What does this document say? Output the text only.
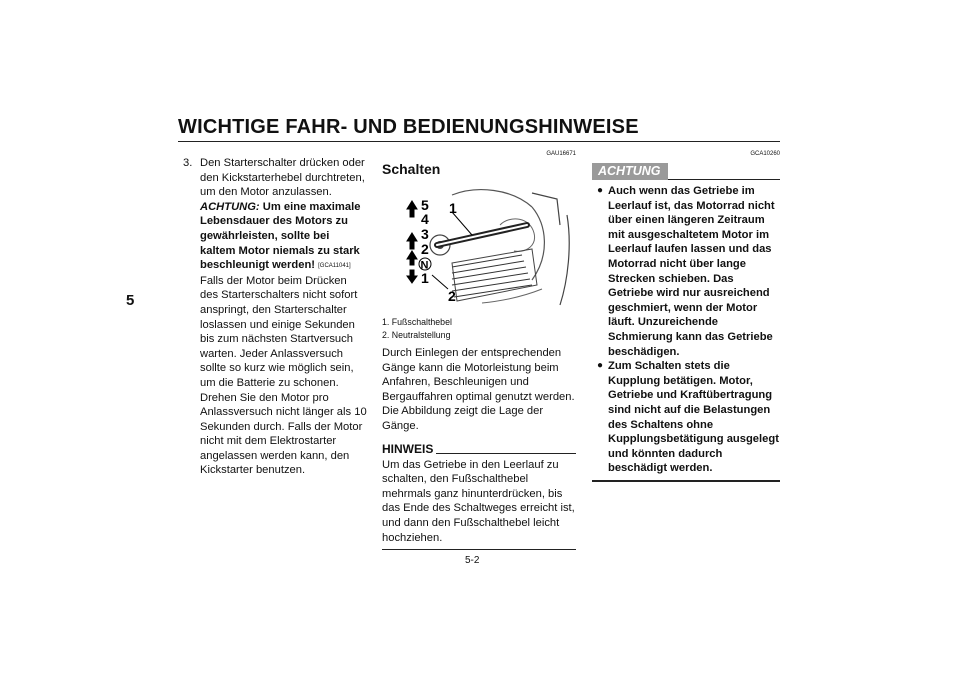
WICHTIGE FAHR- UND BEDIENUNGSHINWEISE
5
3. Den Starterschalter drücken oder den Kickstarterhebel durchtreten, um den Motor anzulassen. ACHTUNG: Um eine maximale Lebensdauer des Motors zu gewährleisten, sollte bei kaltem Motor niemals zu stark beschleunigt werden! [GCA11041]
Falls der Motor beim Drücken des Starterschalters nicht sofort anspringt, den Starterschalter loslassen und einige Sekunden bis zum nächsten Startversuch warten. Jeder Anlassversuch sollte so kurz wie möglich sein, um die Batterie zu schonen. Drehen Sie den Motor pro Anlassversuch nicht länger als 10 Sekunden durch. Falls der Motor nicht mit dem Elektrostarter angelassen werden kann, den Kickstarter benutzen.
GAU16671
Schalten
5
4
3
2
N
1
1
2
1. Fußschalthebel
2. Neutralstellung
Durch Einlegen der entsprechenden Gänge kann die Motorleistung beim Anfahren, Beschleunigen und Bergauffahren optimal genutzt werden.
Die Abbildung zeigt die Lage der Gänge.
HINWEIS
Um das Getriebe in den Leerlauf zu schalten, den Fußschalthebel mehrmals ganz hinunterdrücken, bis das Ende des Schaltweges erreicht ist, und dann den Fußschalthebel leicht hochziehen.
GCA10260
ACHTUNG
● Auch wenn das Getriebe im Leerlauf ist, das Motorrad nicht über einen längeren Zeitraum mit ausgeschaltetem Motor im Leerlauf laufen lassen und das Motorrad nicht über lange Strecken schieben. Das Getriebe wird nur ausreichend geschmiert, wenn der Motor läuft. Unzureichende Schmierung kann das Getriebe beschädigen.
● Zum Schalten stets die Kupplung betätigen. Motor, Getriebe und Kraftübertragung sind nicht auf die Belastungen des Schaltens ohne Kupplungsbetätigung ausgelegt und könnten dadurch beschädigt werden.
5-2
